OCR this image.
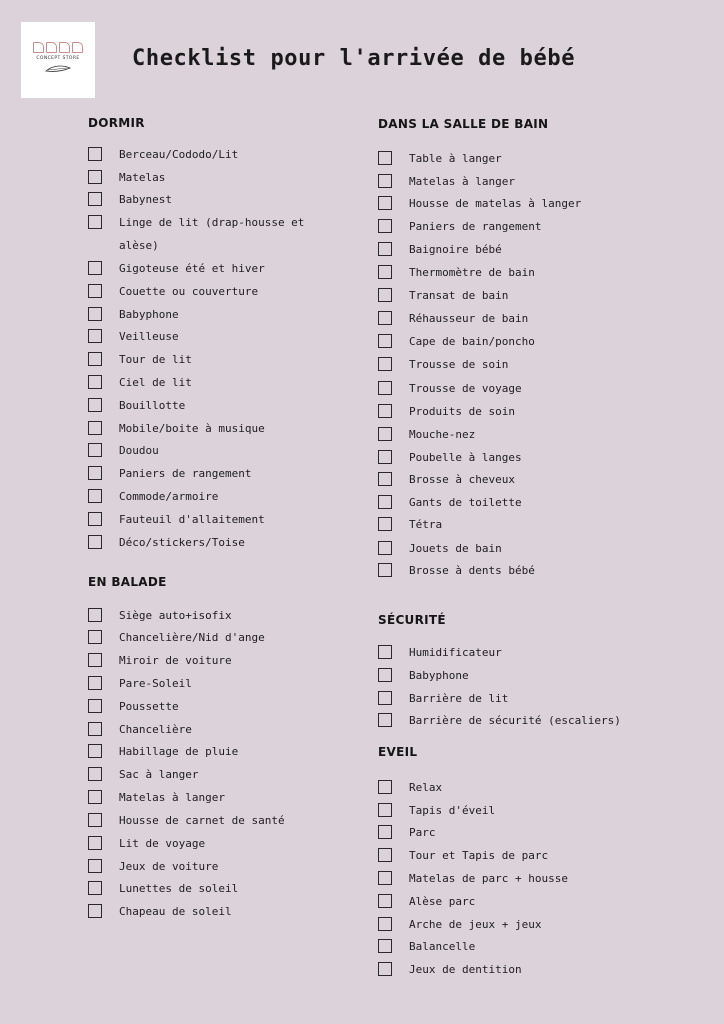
CONCEPT STORE Checklist pour l'arrivée de bébé
DORMIR
Berceau/Cododo/Lit
Matelas
Babynest
Linge de lit (drap-housse et alèse)
Gigoteuse été et hiver
Couette ou couverture
Babyphone
Veilleuse
Tour de lit
Ciel de lit
Bouillotte
Mobile/boite à musique
Doudou
Paniers de rangement
Commode/armoire
Fauteuil d'allaitement
Déco/stickers/Toise
EN BALADE
Siège auto+isofix
Chancelière/Nid d'ange
Miroir de voiture
Pare-Soleil
Poussette
Chancelière
Habillage de pluie
Sac à langer
Matelas à langer
Housse de carnet de santé
Lit de voyage
Jeux de voiture
Lunettes de soleil
Chapeau de soleil
DANS LA SALLE DE BAIN
Table à langer
Matelas à langer
Housse de matelas à langer
Paniers de rangement
Baignoire bébé
Thermomètre de bain
Transat de bain
Réhausseur de bain
Cape de bain/poncho
Trousse de soin
Trousse de voyage
Produits de soin
Mouche-nez
Poubelle à langes
Brosse à cheveux
Gants de toilette
Tétra
Jouets de bain
Brosse à dents bébé
SÉCURITÉ
Humidificateur
Babyphone
Barrière de lit
Barrière de sécurité (escaliers)
EVEIL
Relax
Tapis d'éveil
Parc
Tour et Tapis de parc
Matelas de parc + housse
Alèse parc
Arche de jeux + jeux
Balancelle
Jeux de dentition
